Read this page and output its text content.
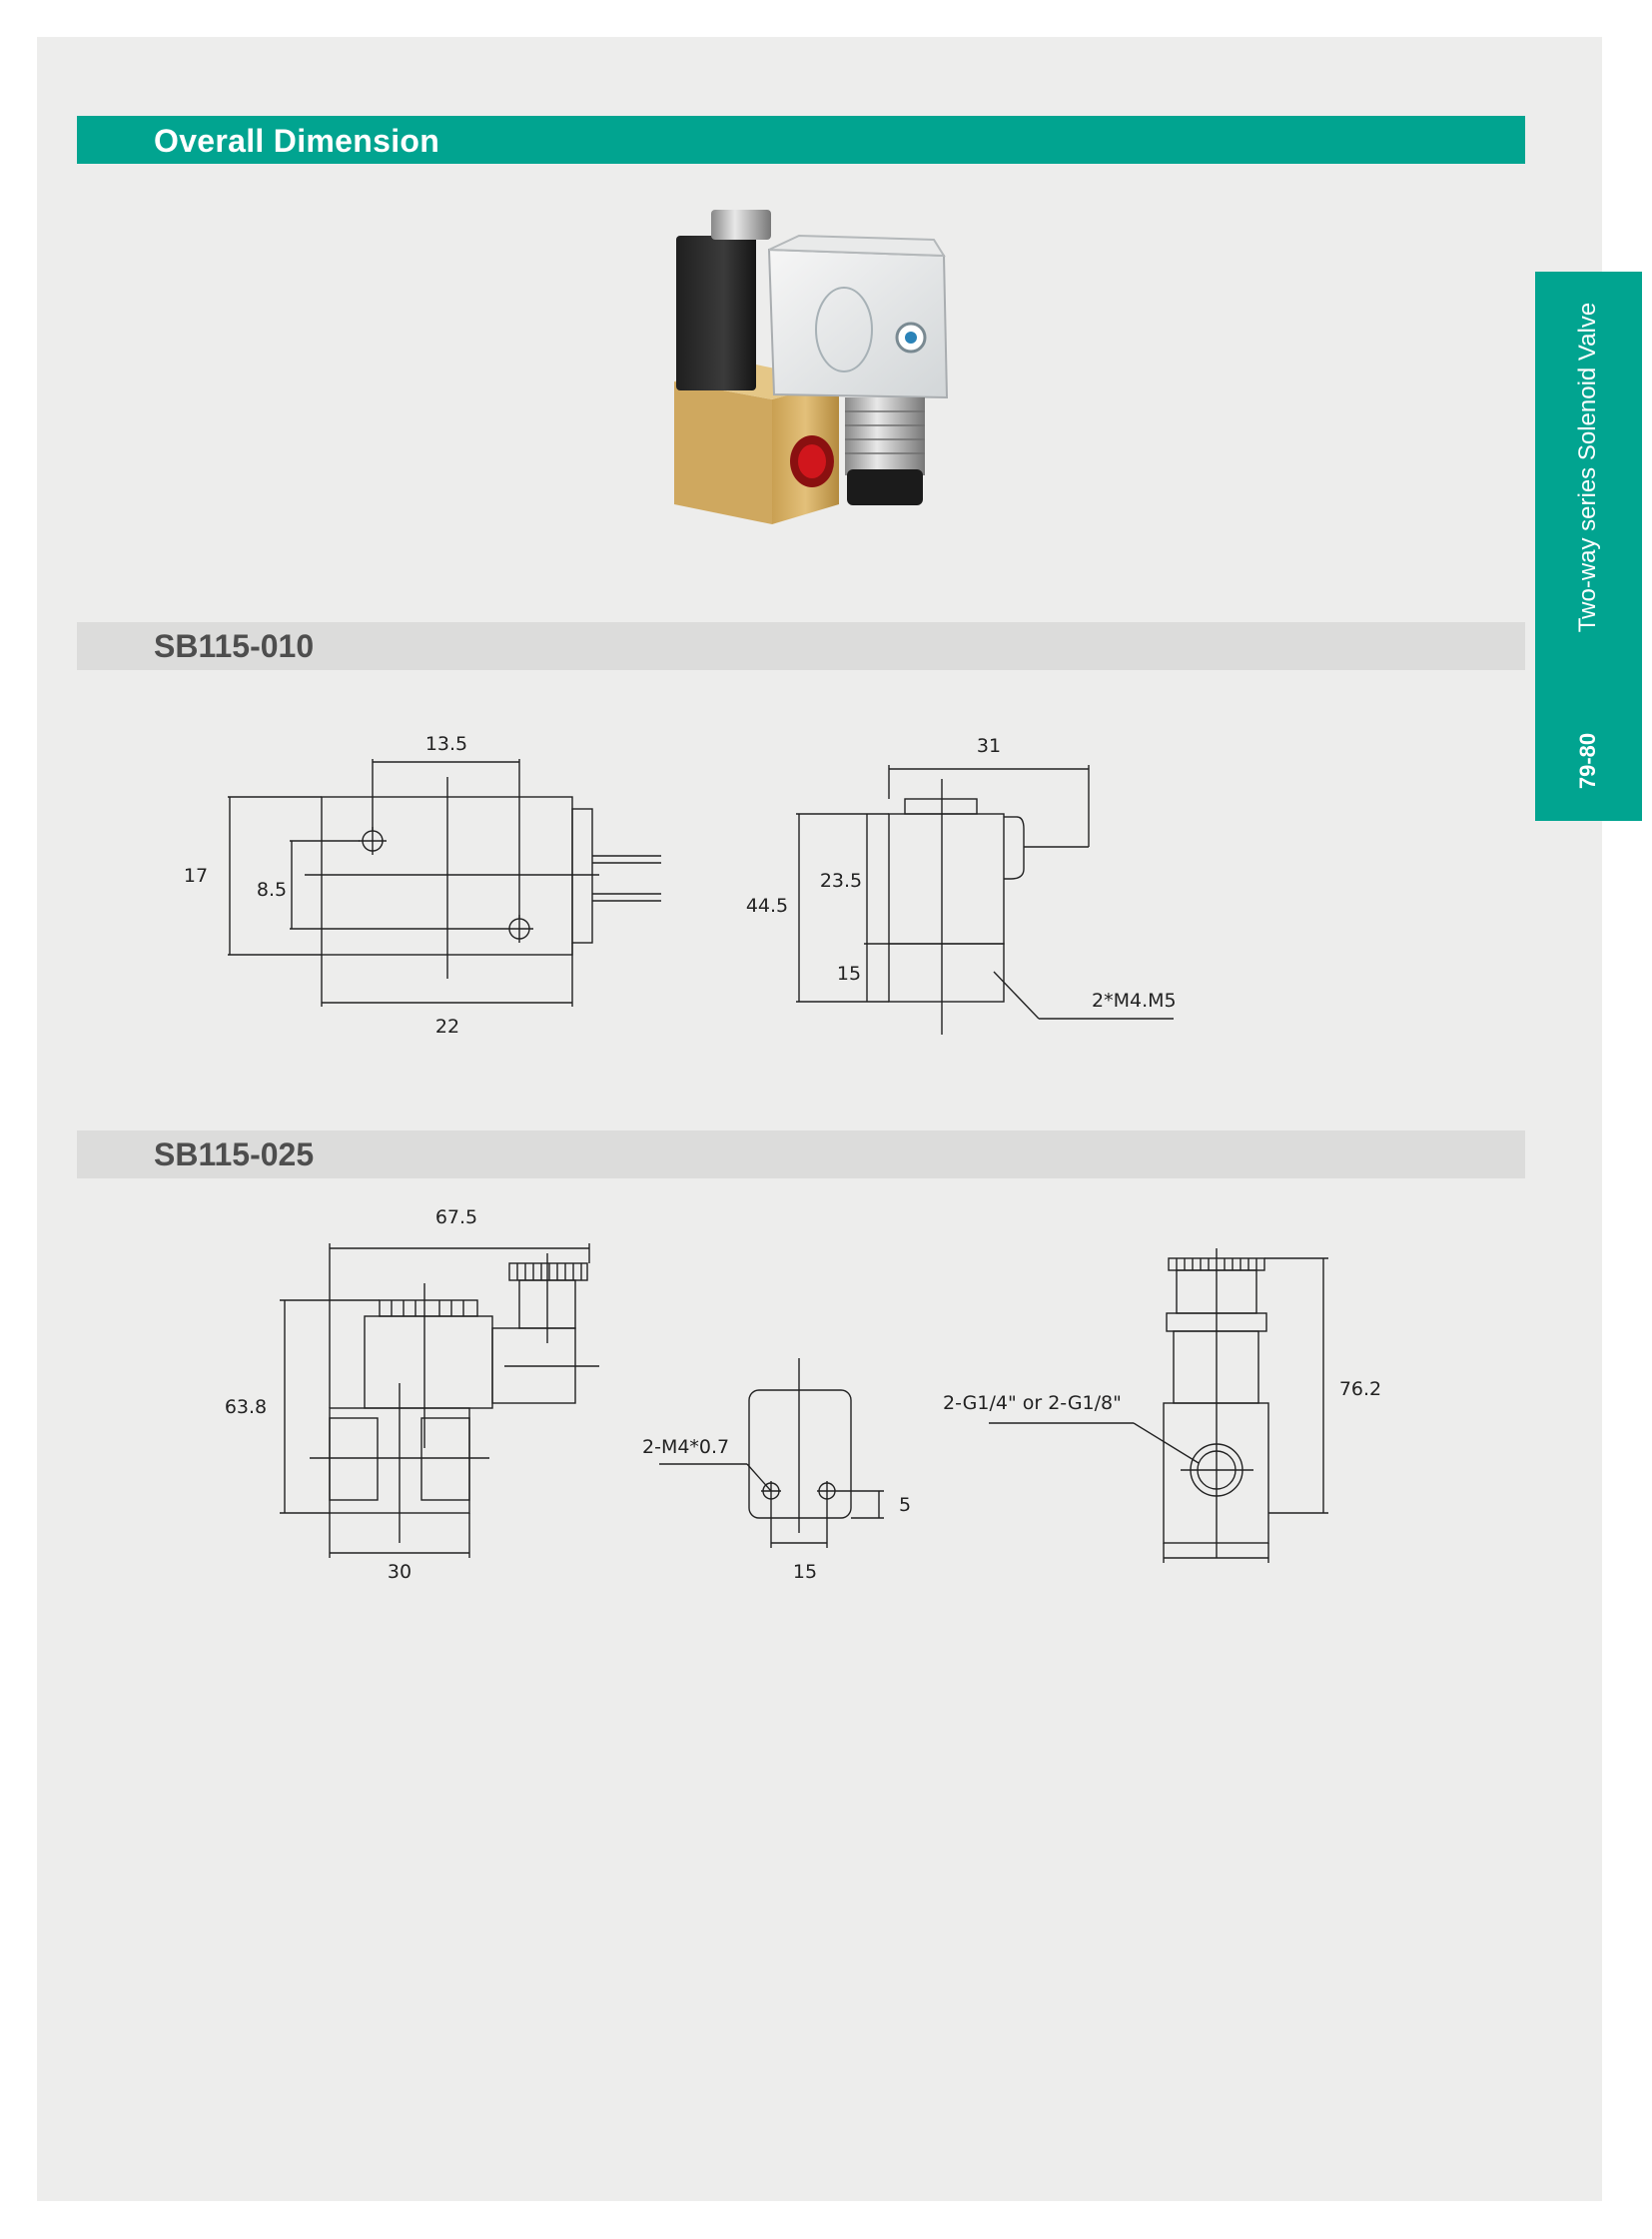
Overall Dimension
Two-way series Solenoid Valve
79-80
SB115-010
SB115-025
13.5
17
8.5
22
31
44.5
23.5
15
2*M4.M5
67.5
63.8
30
2-M4*0.7
5
15
2-G1/4" or 2-G1/8"
76.2
